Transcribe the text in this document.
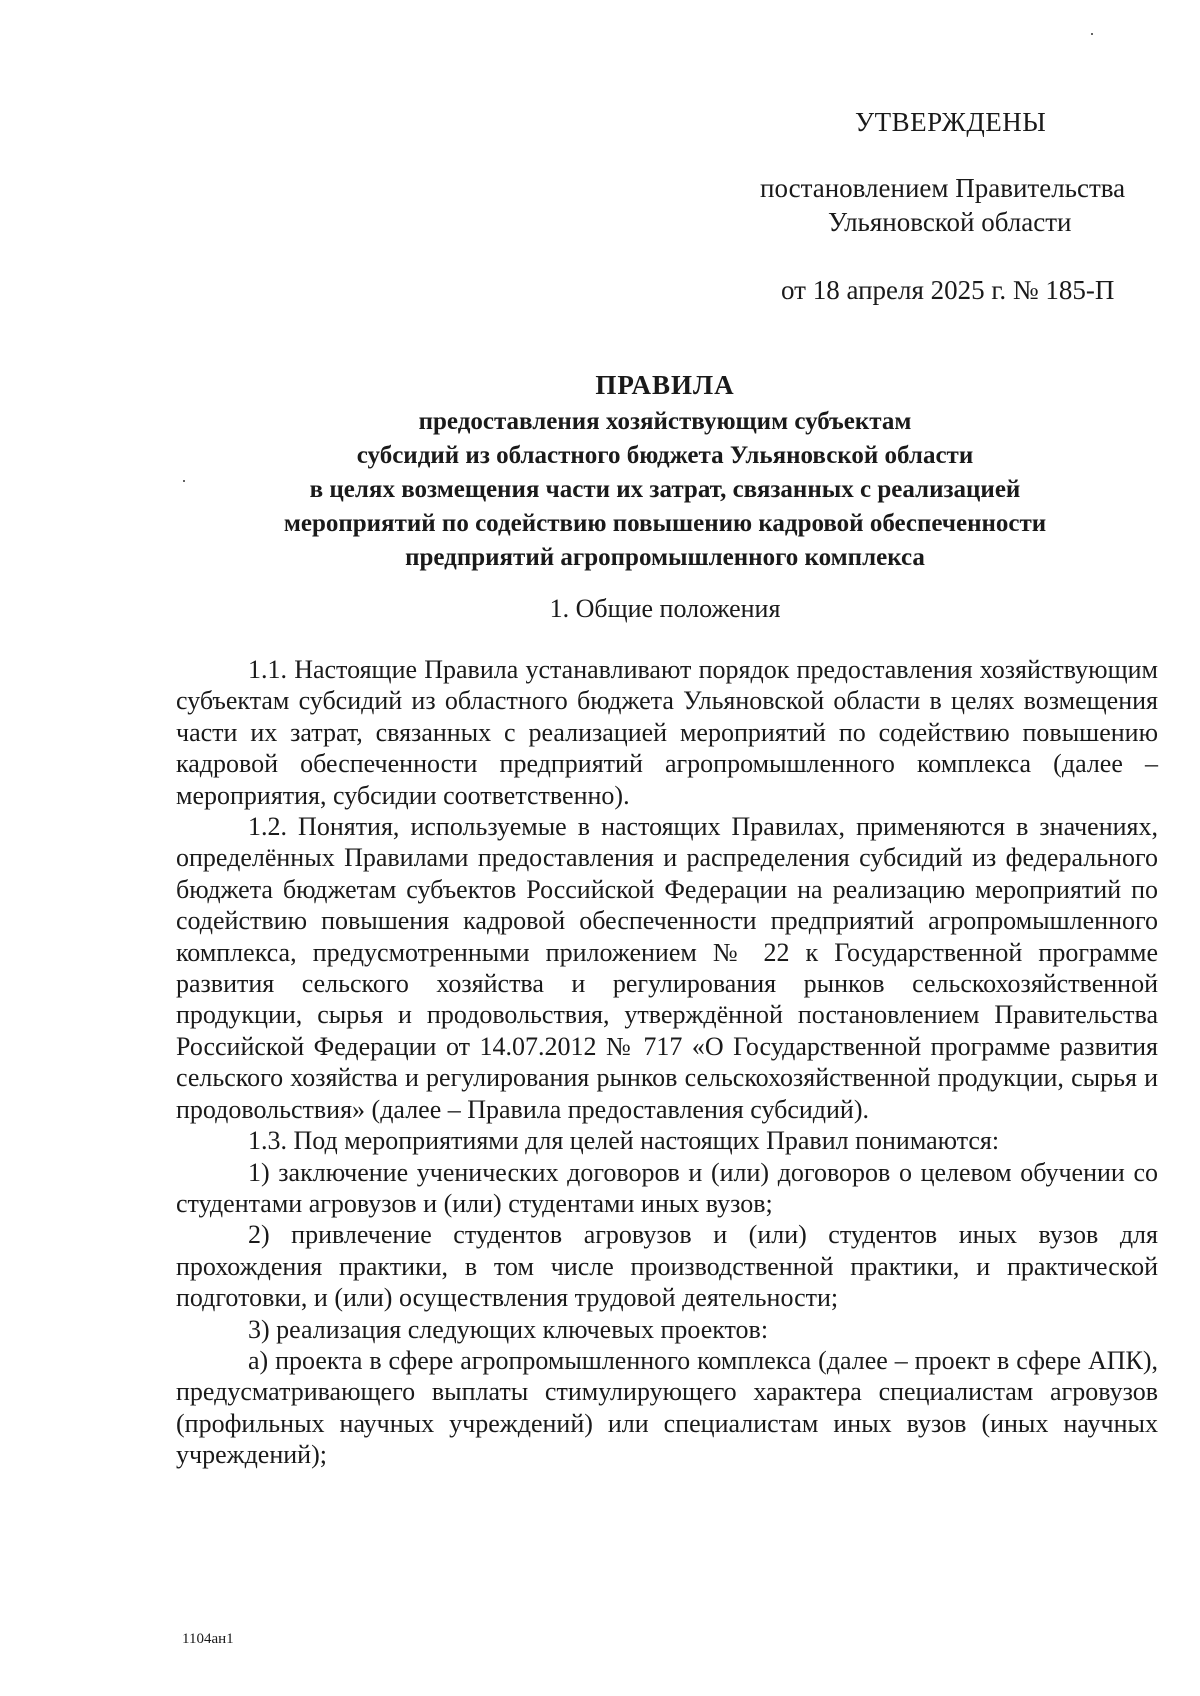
УТВЕРЖДЕНЫ
постановлением Правительства
Ульяновской области
от 18 апреля 2025 г. № 185-П
ПРАВИЛА
предоставления хозяйствующим субъектам
субсидий из областного бюджета Ульяновской области
в целях возмещения части их затрат, связанных с реализацией
мероприятий по содействию повышению кадровой обеспеченности
предприятий агропромышленного комплекса
1. Общие положения

1.1. Настоящие Правила устанавливают порядок предоставления хозяйствующим субъектам субсидий из областного бюджета Ульяновской области в целях возмещения части их затрат, связанных с реализацией мероприятий по содействию повышению кадровой обеспеченности предприятий агропромышленного комплекса (далее – мероприятия, субсидии соответственно).

1.2. Понятия, используемые в настоящих Правилах, применяются в значениях, определённых Правилами предоставления и распределения субсидий из федерального бюджета бюджетам субъектов Российской Федерации на реализацию мероприятий по содействию повышения кадровой обеспеченности предприятий агропромышленного комплекса, предусмотренными приложением № 22 к Государственной программе развития сельского хозяйства и регулирования рынков сельскохозяйственной продукции, сырья и продовольствия, утверждённой постановлением Правительства Российской Федерации от 14.07.2012 № 717 «О Государственной программе развития сельского хозяйства и регулирования рынков сельскохозяйственной продукции, сырья и продовольствия» (далее – Правила предоставления субсидий).

1.3. Под мероприятиями для целей настоящих Правил понимаются:

1) заключение ученических договоров и (или) договоров о целевом обучении со студентами агровузов и (или) студентами иных вузов;

2) привлечение студентов агровузов и (или) студентов иных вузов для прохождения практики, в том числе производственной практики, и практической подготовки, и (или) осуществления трудовой деятельности;

3) реализация следующих ключевых проектов:

а) проекта в сфере агропромышленного комплекса (далее – проект в сфере АПК), предусматривающего выплаты стимулирующего характера специалистам агровузов (профильных научных учреждений) или специалистам иных вузов (иных научных учреждений);

1104ан1
